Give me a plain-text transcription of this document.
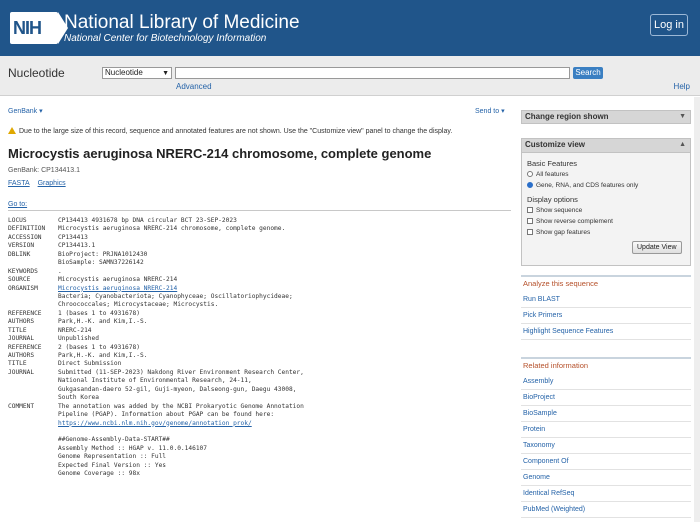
NIH National Library of Medicine
National Center for Biotechnology Information
Log in
Nucleotide	Nucleotide	▼	Search
Advanced	Help
GenBank ▾	Send to ▾
Due to the large size of this record, sequence and annotated features are not shown. Use the "Customize view" panel to change the display.
Microcystis aeruginosa NRERC-214 chromosome, complete genome
GenBank: CP134413.1
FASTA Graphics
Go to:
LOCUS	CP134413 4931678 bp DNA circular BCT 23-SEP-2023
DEFINITION Microcystis aeruginosa NRERC-214 chromosome, complete genome.
ACCESSION	CP134413
VERSION	CP134413.1
DBLINK	BioProject: PRJNA1012430
BioSample: SAMN37226142
KEYWORDS	.
SOURCE	Microcystis aeruginosa NRERC-214
ORGANISM	Microcystis aeruginosa NRERC-214
Bacteria; Cyanobacteriota; Cyanophyceae; Oscillatoriophycideae;
Chroococcales; Microcystaceae; Microcystis.
REFERENCE	1 (bases 1 to 4931678)
AUTHORS	Park,H.-K. and Kim,I.-S.
TITLE	NRERC-214
JOURNAL	Unpublished
REFERENCE	2 (bases 1 to 4931678)
AUTHORS	Park,H.-K. and Kim,I.-S.
TITLE	Direct Submission
JOURNAL	Submitted (11-SEP-2023) Nakdong River Environment Research Center,
National Institute of Environmental Research, 24-11,
Gukgasandan-daero 52-gil, Guji-myeon, Dalseong-gun, Daegu 43008,
South Korea
COMMENT	The annotation was added by the NCBI Prokaryotic Genome Annotation
Pipeline (PGAP). Information about PGAP can be found here:
https://www.ncbi.nlm.nih.gov/genome/annotation_prok/
##Genome-Assembly-Data-START##
Assembly Method :: HGAP v. 11.0.0.146107
Genome Representation :: Full
Expected Final Version :: Yes
Genome Coverage :: 98x
Change region shown	▼
Customize view	▲
Basic Features
All features
Gene, RNA, and CDS features only
Display options
Show sequence
Show reverse complement
Show gap features
Update View
Analyze this sequence
Run BLAST
Pick Primers
Highlight Sequence Features
Related information
Assembly
BioProject
BioSample
Protein
Taxonomy
Component Of
Genome
Identical RefSeq
PubMed (Weighted)
